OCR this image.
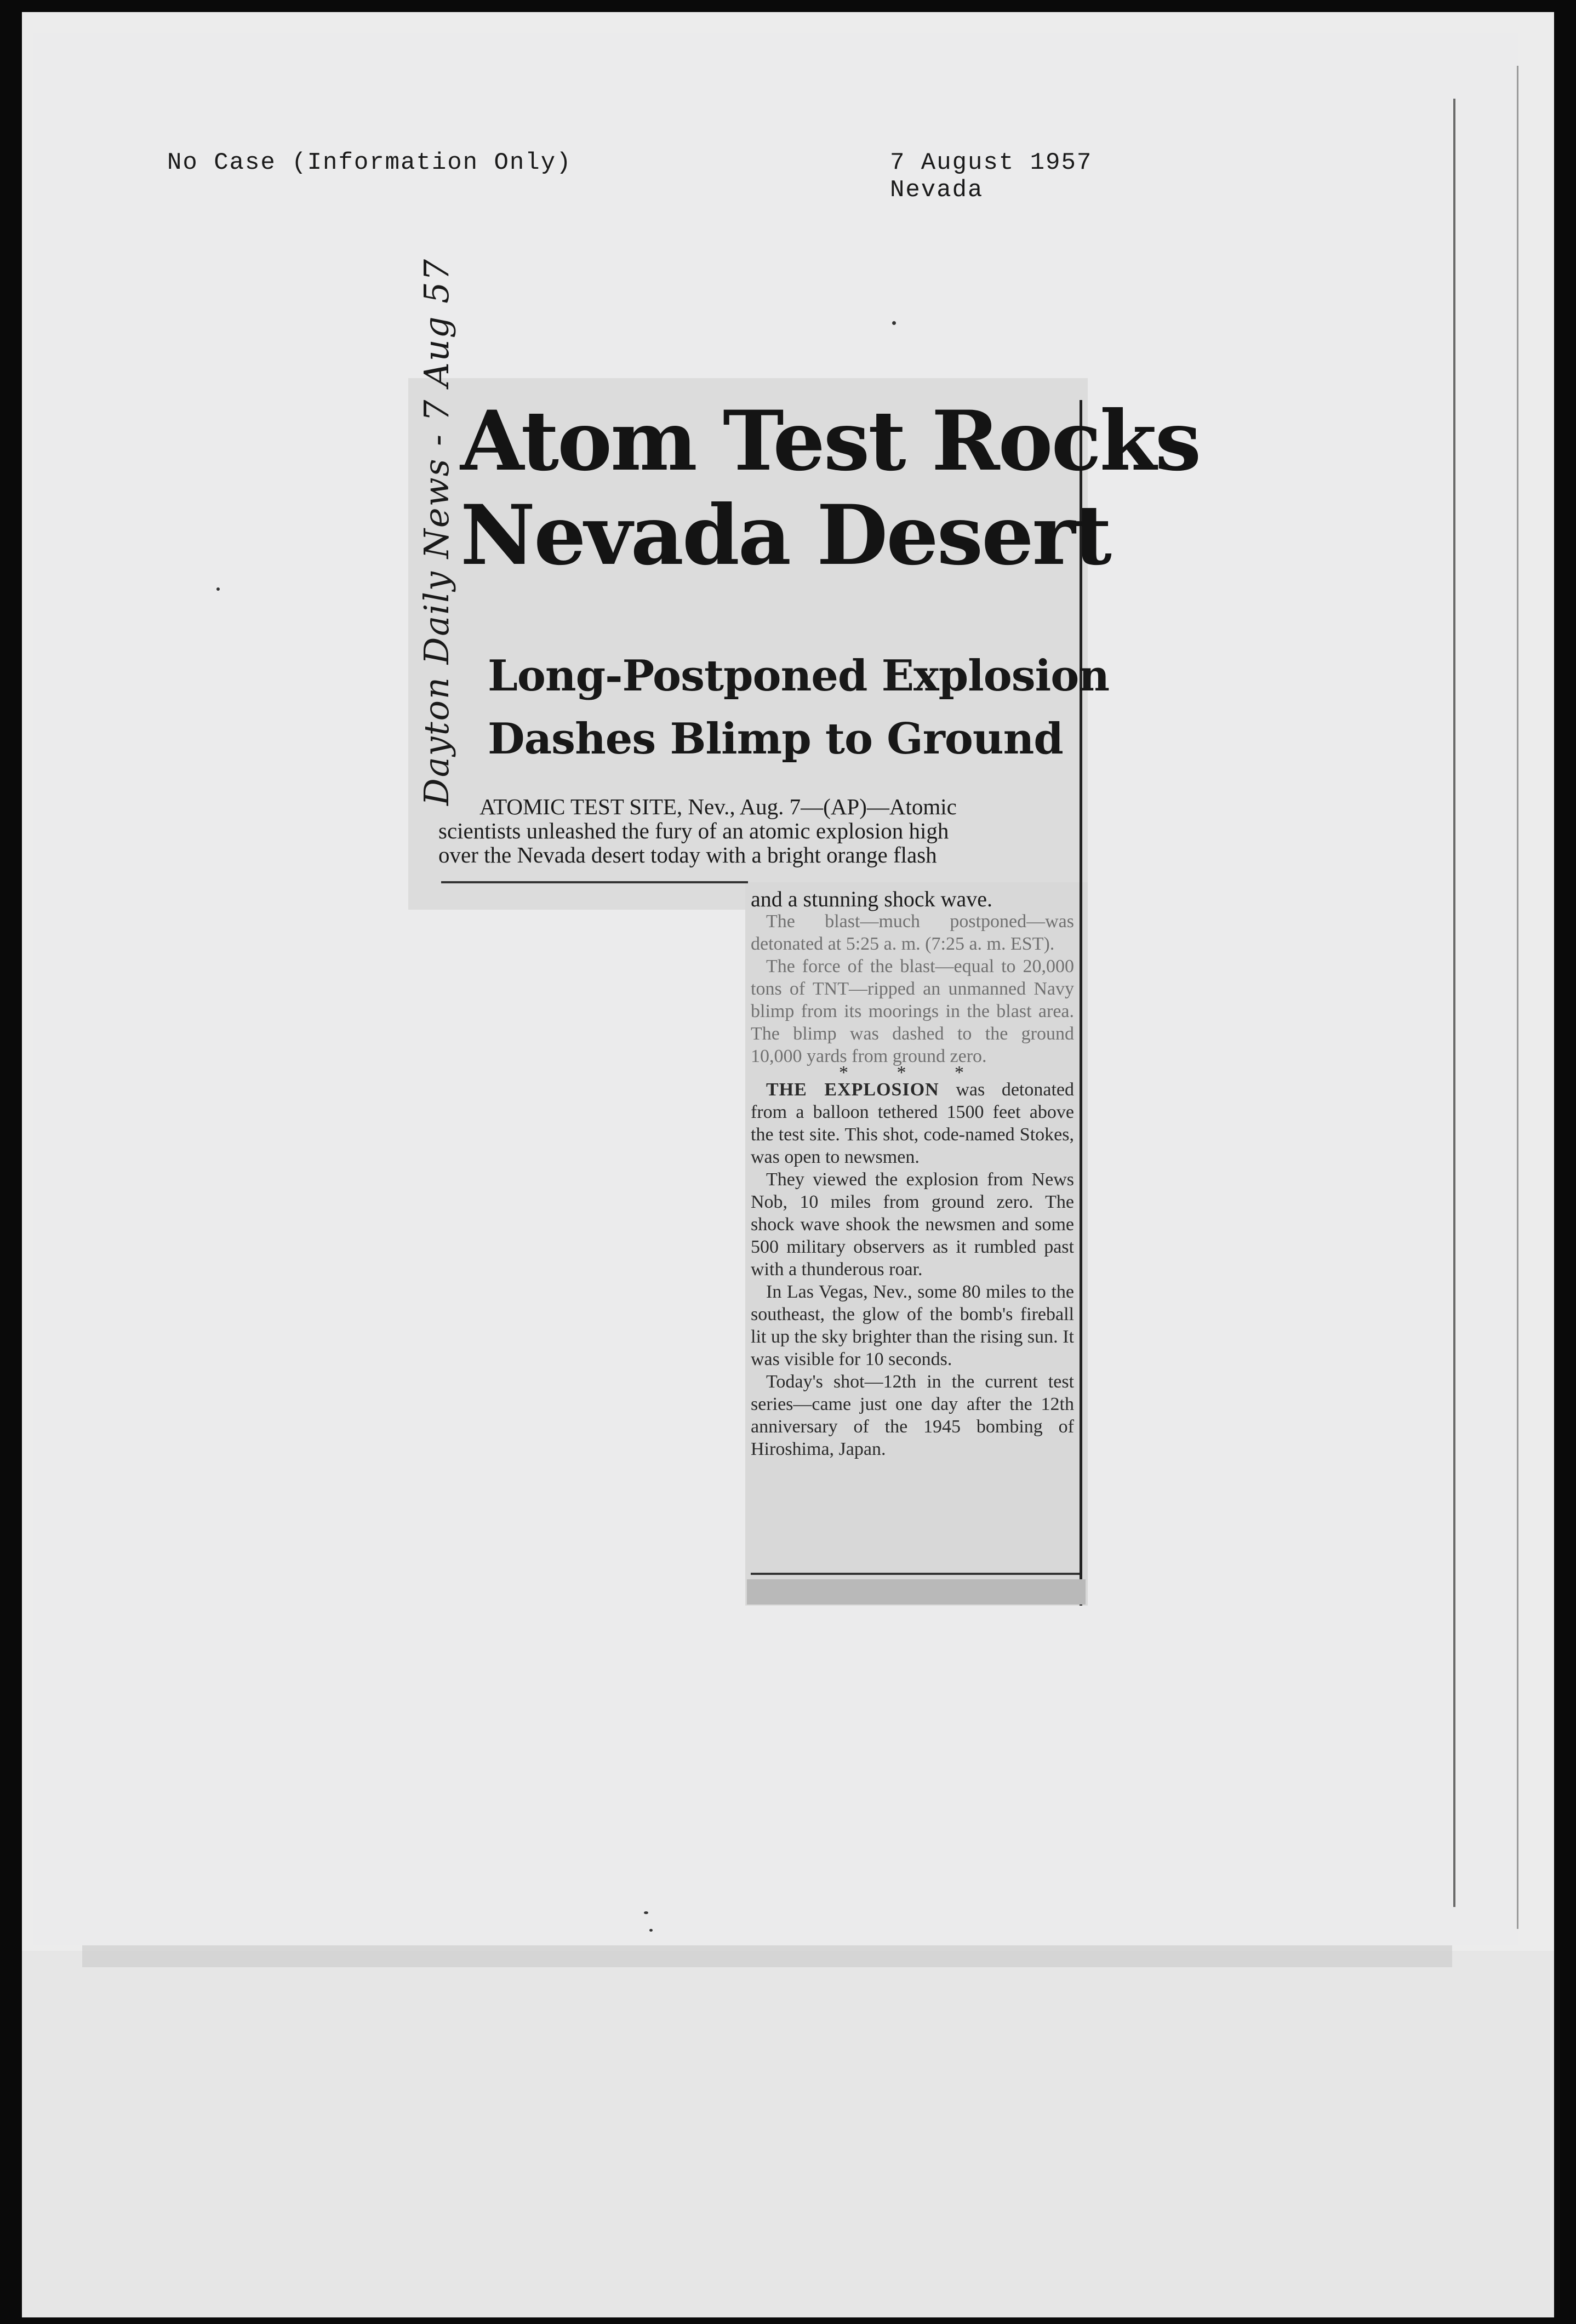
No Case (Information Only)	7 August 1957
Nevada
Atom Test Rocks
Nevada Desert
Long-Postponed Explosion
Dashes Blimp to Ground

ATOMIC TEST SITE, Nev., Aug. 7—(AP)—Atomic

scientists unleashed the fury of an atomic explosion high

over the Nevada desert today with a bright orange flash

and a stunning shock wave.

The blast—much postponed—was detonated at 5:25 a. m. (7:25 a. m. EST).

The force of the blast—equal to 20,000 tons of TNT—ripped an unmanned Navy blimp from its moorings in the blast area. The blimp was dashed to the ground 10,000 yards from ground zero.

* * *

THE EXPLOSION was detonated from a balloon tethered 1500 feet above the test site. This shot, code-named Stokes, was open to newsmen.

They viewed the explosion from News Nob, 10 miles from ground zero. The shock wave shook the newsmen and some 500 military observers as it rumbled past with a thunderous roar.

In Las Vegas, Nev., some 80 miles to the southeast, the glow of the bomb's fireball lit up the sky brighter than the rising sun. It was visible for 10 seconds.

Today's shot—12th in the current test series—came just one day after the 12th anniversary of the 1945 bombing of Hiroshima, Japan.

Dayton Daily News - 7 Aug 57
